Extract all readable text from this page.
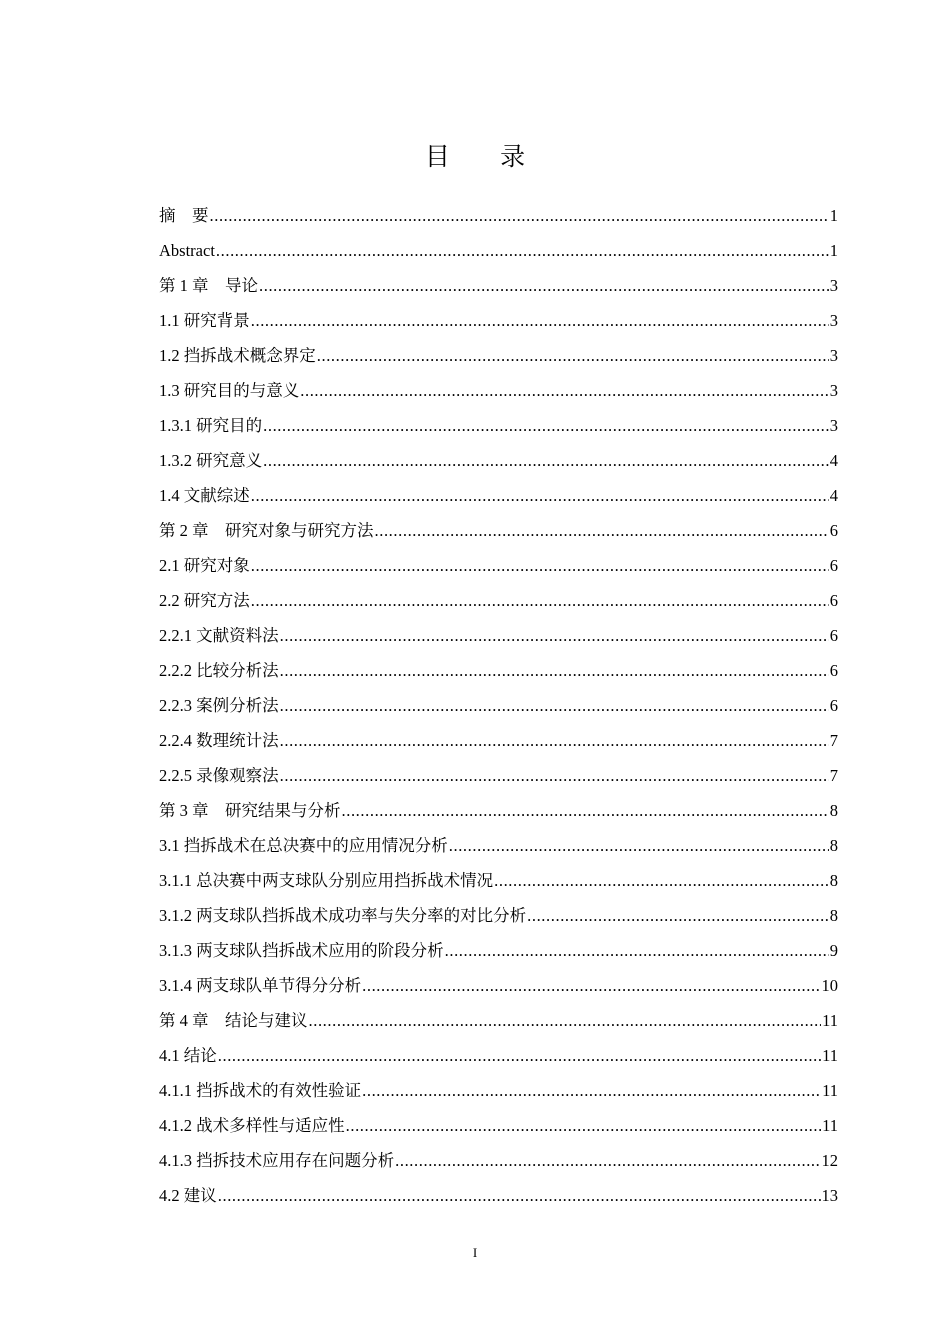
目 录
摘　要 .....	1
Abstract .....	1
第 1 章　导论 .....	3
1.1 研究背景 .....	3
1.2 挡拆战术概念界定 .....	3
1.3 研究目的与意义 .....	3
1.3.1 研究目的 .....	3
1.3.2 研究意义 .....	4
1.4 文献综述 .....	4
第 2 章　研究对象与研究方法 .....	6
2.1 研究对象 .....	6
2.2 研究方法 .....	6
2.2.1 文献资料法 .....	6
2.2.2 比较分析法 .....	6
2.2.3 案例分析法 .....	6
2.2.4 数理统计法 .....	7
2.2.5 录像观察法 .....	7
第 3 章　研究结果与分析 .....	8
3.1 挡拆战术在总决赛中的应用情况分析 .....	8
3.1.1 总决赛中两支球队分别应用挡拆战术情况 .....	8
3.1.2 两支球队挡拆战术成功率与失分率的对比分析 .....	8
3.1.3 两支球队挡拆战术应用的阶段分析 .....	9
3.1.4 两支球队单节得分分析 .....	10
第 4 章　结论与建议 .....	11
4.1 结论 .....	11
4.1.1 挡拆战术的有效性验证 .....	11
4.1.2 战术多样性与适应性 .....	11
4.1.3 挡拆技术应用存在问题分析 .....	12
4.2 建议 .....	13
I
